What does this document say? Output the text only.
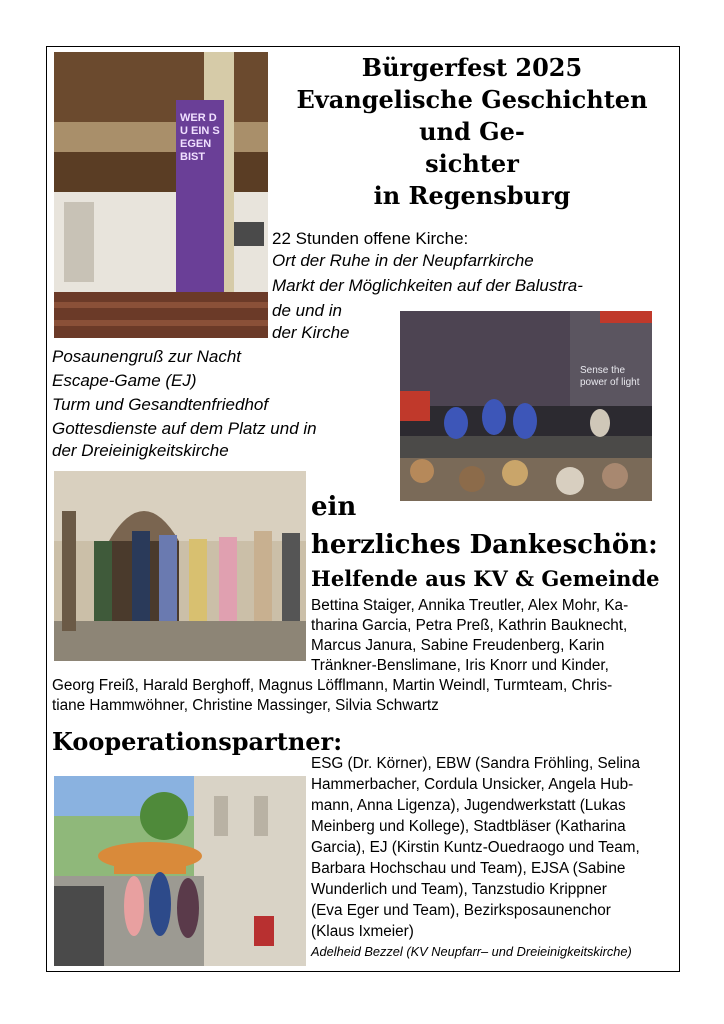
Bürgerfest 2025
Evangelische Geschichten und Ge-
sichter
in Regensburg
WER DU EIN SEGEN BIST
22 Stunden offene Kirche:
Ort der Ruhe in der Neupfarrkirche
Markt der Möglichkeiten auf der Balustra-
de und in
der Kirche
Posaunengruß zur Nacht
Escape-Game (EJ)
Turm und Gesandtenfriedhof
Gottesdienste auf dem Platz und in
der Dreieinigkeitskirche
Sense the
power of light
ein
herzliches Dankeschön:
Helfende aus KV & Gemeinde
Bettina Staiger, Annika Treutler, Alex Mohr, Ka-
tharina Garcia, Petra Preß, Kathrin Bauknecht,
Marcus Janura, Sabine Freudenberg, Karin
Tränkner-Benslimane, Iris Knorr und Kinder,
Georg Freiß, Harald Berghoff, Magnus Löfflmann, Martin Weindl, Turmteam, Chris-
tiane Hammwöhner, Christine Massinger, Silvia Schwartz
Kooperationspartner:
ESG (Dr. Körner), EBW (Sandra Fröhling, Selina
Hammerbacher, Cordula Unsicker, Angela Hub-
mann, Anna Ligenza), Jugendwerkstatt (Lukas
Meinberg und Kollege), Stadtbläser (Katharina
Garcia), EJ (Kirstin Kuntz-Ouedraogo und Team,
Barbara Hochschau und Team), EJSA (Sabine
Wunderlich und Team), Tanzstudio Krippner
(Eva Eger und Team), Bezirksposaunenchor
(Klaus Ixmeier)
Adelheid Bezzel (KV Neupfarr– und Dreieinigkeitskirche)
